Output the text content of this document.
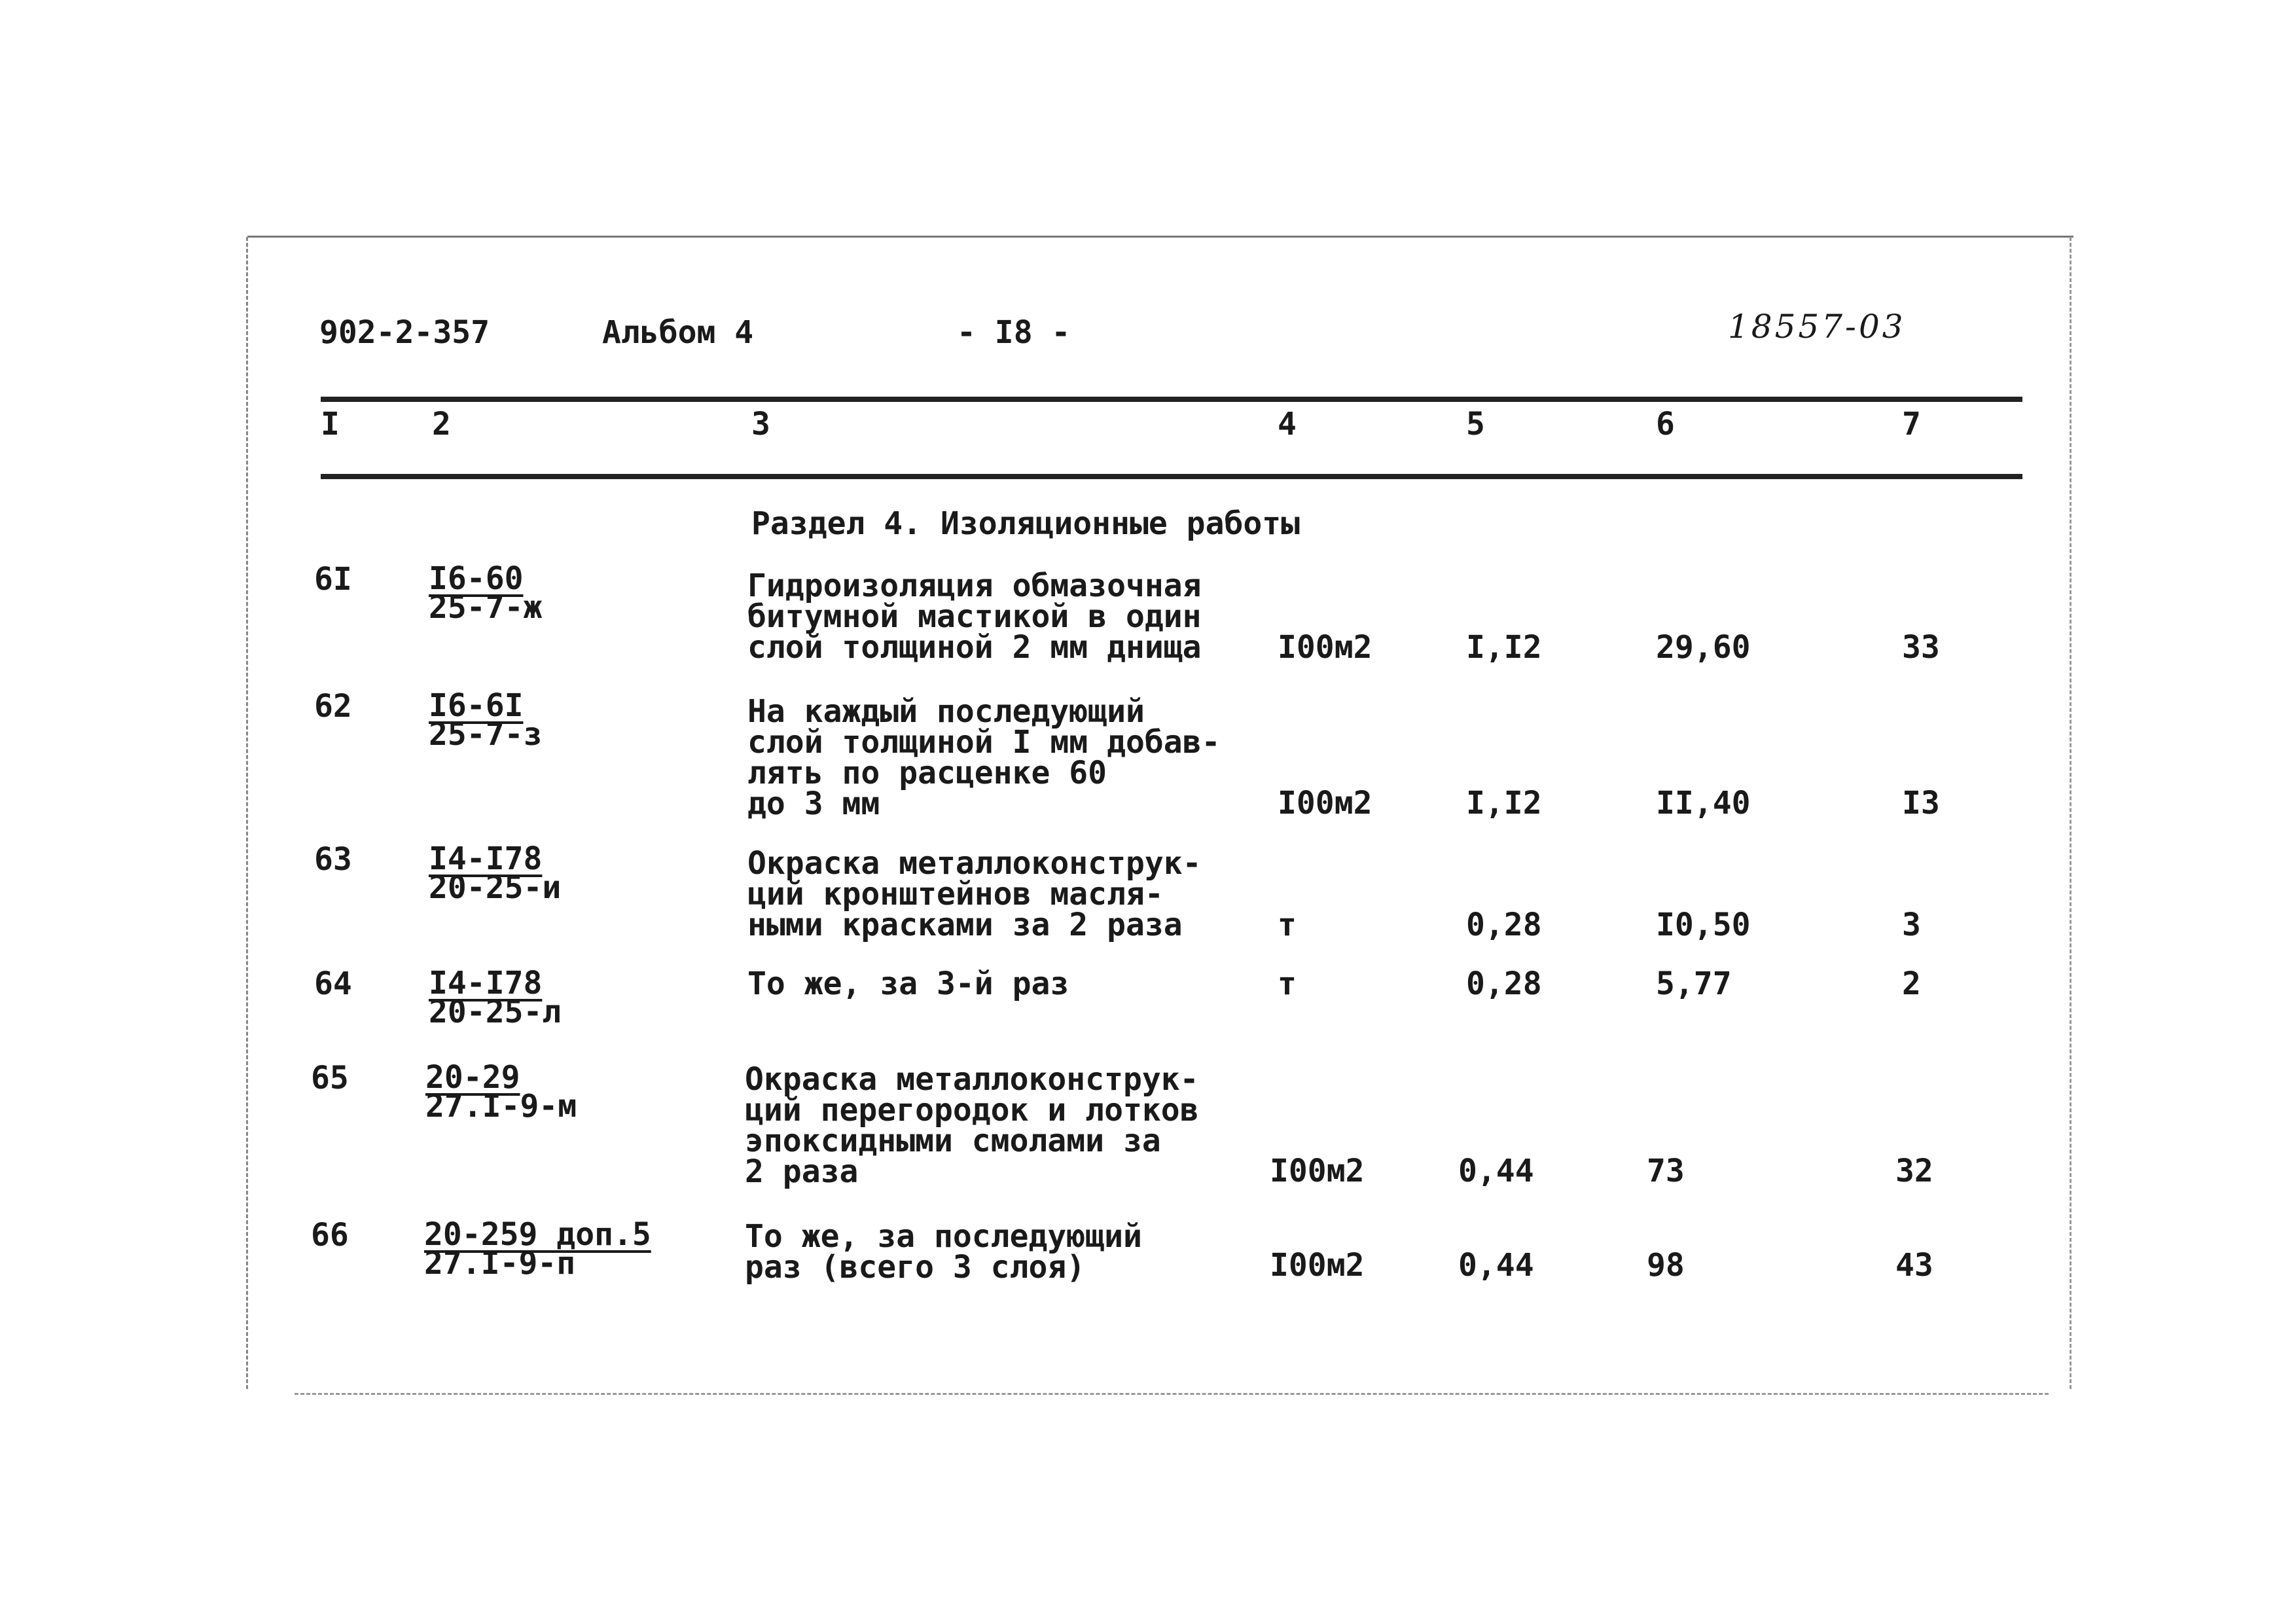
902-2-357	Альбом 4	- I8 -	18557-03
I	2	3	4	5	6	7
Раздел 4. Изоляционные работы
6I I6-60
25-7-ж
Гидроизоляция обмазочная
битумной мастикой в один
слой толщиной 2 мм днища I00м2	I,I2	29,60	33
62 I6-6I
25-7-з
На каждый последующий
слой толщиной I мм добав-
лять по расценке 60
до 3 мм	I00м2	I,I2	II,40	I3
63 I4-I78
20-25-и
Окраска металлоконструк-
ций кронштейнов масля-
ными красками за 2 раза	т	0,28	I0,50	3
64 I4-I78
20-25-л
То же, за 3-й раз	т	0,28	5,77	2
65 20-29
27.I-9-м
Окраска металлоконструк-
ций перегородок и лотков
эпоксидными смолами за
2 раза	I00м2	0,44	73	32
66 20-259 доп.5
27.I-9-п
То же, за последующий
раз (всего 3 слоя)	I00м2	0,44	98	43
